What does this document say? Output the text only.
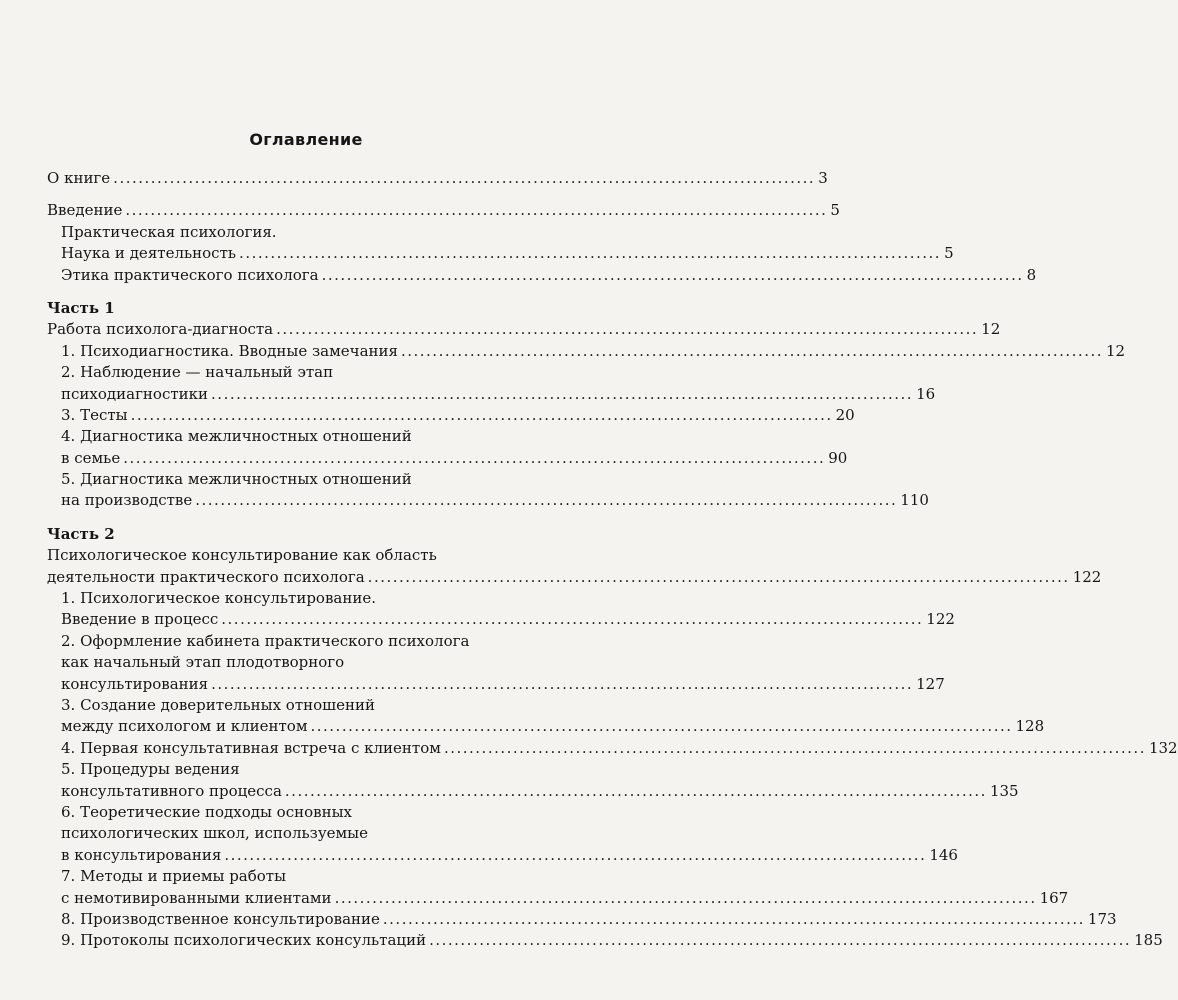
Оглавление
О книге ................................................................................................................ 3
Введение ................................................................................................................ 5
Практическая психология.
Наука и деятельность ................................................................................................................ 5
Этика практического психолога ................................................................................................................ 8
Часть 1
Работа психолога-диагноста ................................................................................................................ 12
1. Психодиагностика. Вводные замечания ................................................................................................................ 12
2. Наблюдение — начальный этап
психодиагностики ................................................................................................................ 16
3. Тесты ................................................................................................................ 20
4. Диагностика межличностных отношений
в семье ................................................................................................................ 90
5. Диагностика межличностных отношений
на производстве ................................................................................................................ 110
Часть 2
Психологическое консультирование как область
деятельности практического психолога ................................................................................................................ 122
1. Психологическое консультирование.
Введение в процесс ................................................................................................................ 122
2. Оформление кабинета практического психолога
как начальный этап плодотворного
консультирования ................................................................................................................ 127
3. Создание доверительных отношений
между психологом и клиентом ................................................................................................................ 128
4. Первая консультативная встреча с клиентом ................................................................................................................ 132
5. Процедуры ведения
консультативного процесса ................................................................................................................ 135
6. Теоретические подходы основных
психологических школ, используемые
в консультирования ................................................................................................................ 146
7. Методы и приемы работы
с немотивированными клиентами ................................................................................................................ 167
8. Производственное консультирование ................................................................................................................ 173
9. Протоколы психологических консультаций ................................................................................................................ 185
